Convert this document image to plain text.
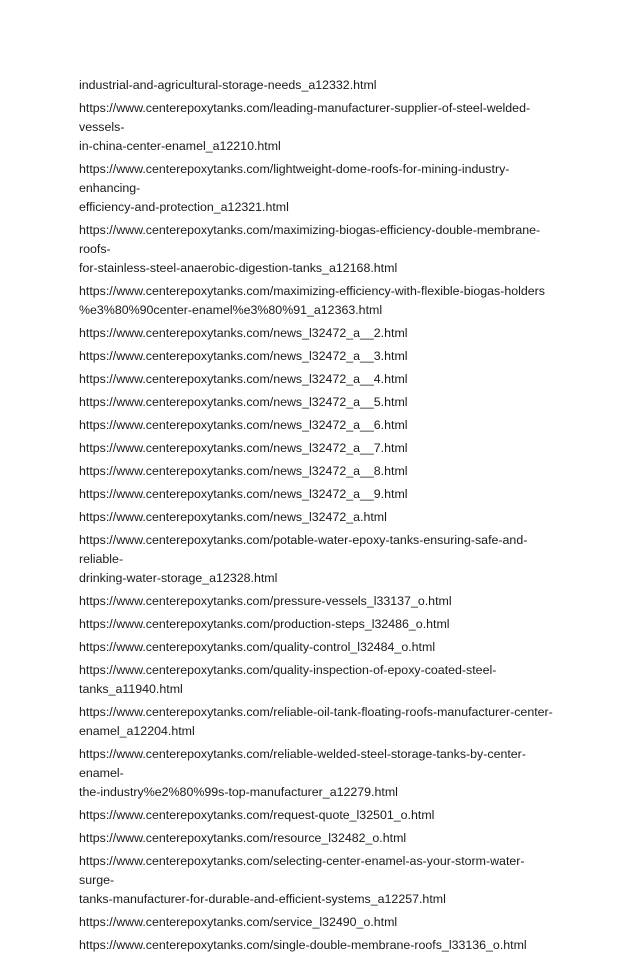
industrial-and-agricultural-storage-needs_a12332.html
https://www.centerepoxytanks.com/leading-manufacturer-supplier-of-steel-welded-vessels-
in-china-center-enamel_a12210.html
https://www.centerepoxytanks.com/lightweight-dome-roofs-for-mining-industry-enhancing-
efficiency-and-protection_a12321.html
https://www.centerepoxytanks.com/maximizing-biogas-efficiency-double-membrane-roofs-
for-stainless-steel-anaerobic-digestion-tanks_a12168.html
https://www.centerepoxytanks.com/maximizing-efficiency-with-flexible-biogas-holders
%e3%80%90center-enamel%e3%80%91_a12363.html
https://www.centerepoxytanks.com/news_l32472_a__2.html
https://www.centerepoxytanks.com/news_l32472_a__3.html
https://www.centerepoxytanks.com/news_l32472_a__4.html
https://www.centerepoxytanks.com/news_l32472_a__5.html
https://www.centerepoxytanks.com/news_l32472_a__6.html
https://www.centerepoxytanks.com/news_l32472_a__7.html
https://www.centerepoxytanks.com/news_l32472_a__8.html
https://www.centerepoxytanks.com/news_l32472_a__9.html
https://www.centerepoxytanks.com/news_l32472_a.html
https://www.centerepoxytanks.com/potable-water-epoxy-tanks-ensuring-safe-and-reliable-
drinking-water-storage_a12328.html
https://www.centerepoxytanks.com/pressure-vessels_l33137_o.html
https://www.centerepoxytanks.com/production-steps_l32486_o.html
https://www.centerepoxytanks.com/quality-control_l32484_o.html
https://www.centerepoxytanks.com/quality-inspection-of-epoxy-coated-steel-
tanks_a11940.html
https://www.centerepoxytanks.com/reliable-oil-tank-floating-roofs-manufacturer-center-
enamel_a12204.html
https://www.centerepoxytanks.com/reliable-welded-steel-storage-tanks-by-center-enamel-
the-industry%e2%80%99s-top-manufacturer_a12279.html
https://www.centerepoxytanks.com/request-quote_l32501_o.html
https://www.centerepoxytanks.com/resource_l32482_o.html
https://www.centerepoxytanks.com/selecting-center-enamel-as-your-storm-water-surge-
tanks-manufacturer-for-durable-and-efficient-systems_a12257.html
https://www.centerepoxytanks.com/service_l32490_o.html
https://www.centerepoxytanks.com/single-double-membrane-roofs_l33136_o.html
